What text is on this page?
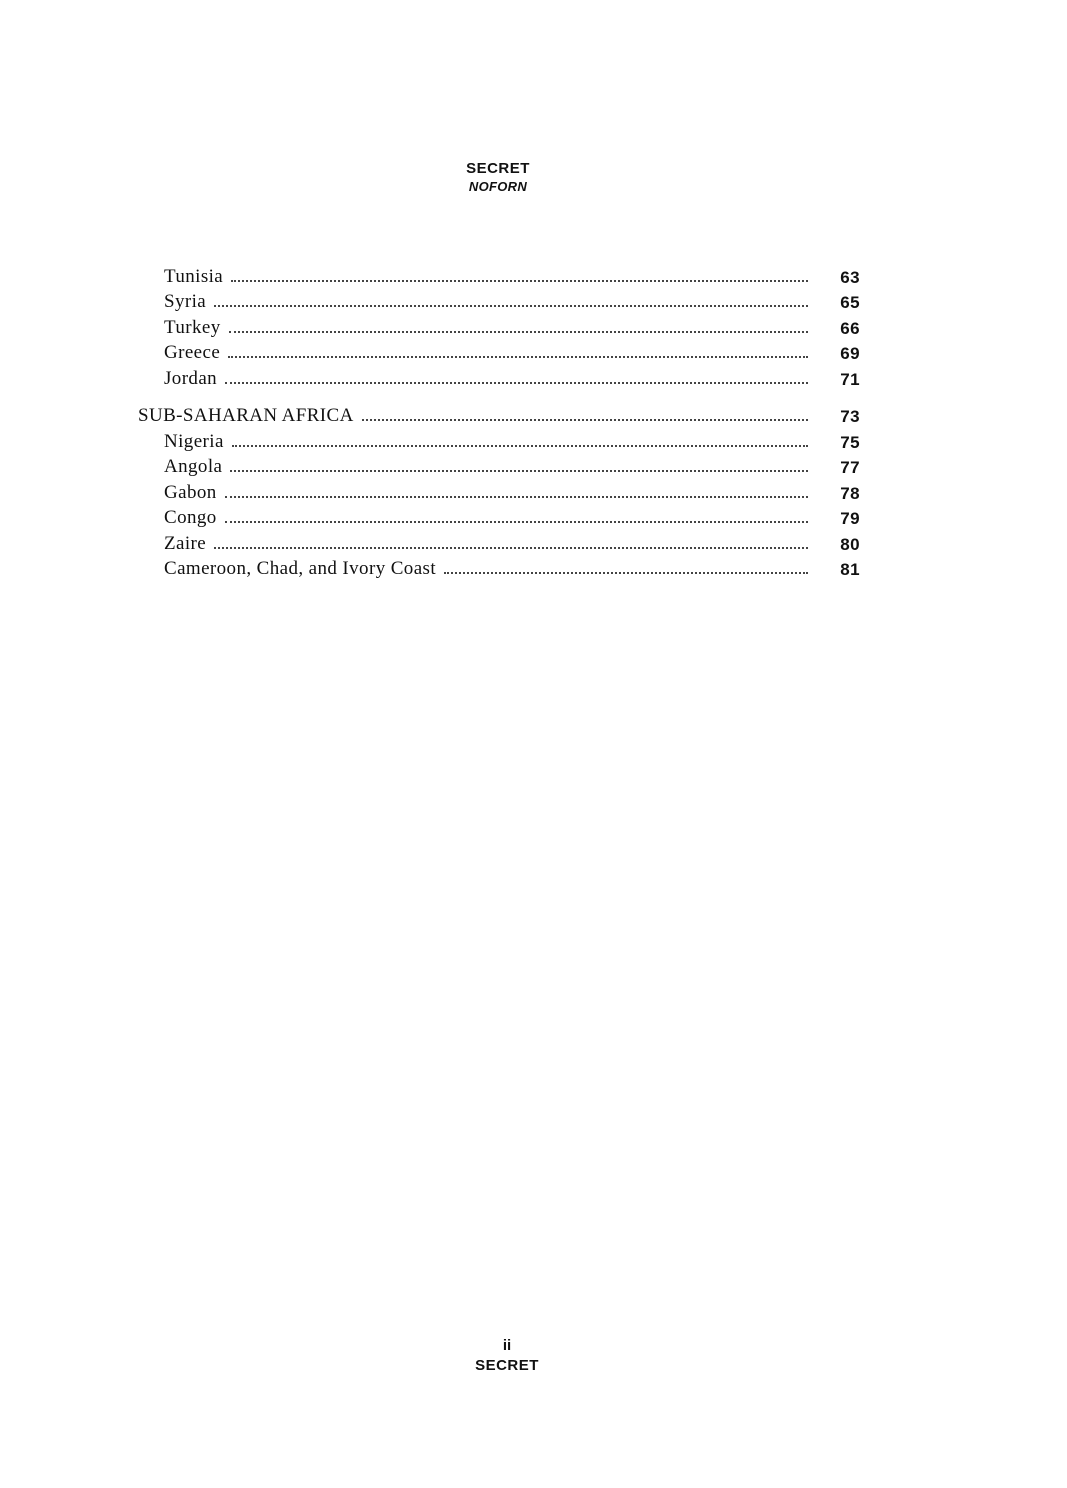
SECRET
NOFORN
Tunisia	63
Syria	65
Turkey	66
Greece	69
Jordan	71
SUB-SAHARAN AFRICA	73
Nigeria	75
Angola	77
Gabon	78
Congo	79
Zaire	80
Cameroon, Chad, and Ivory Coast	81
ii
SECRET
